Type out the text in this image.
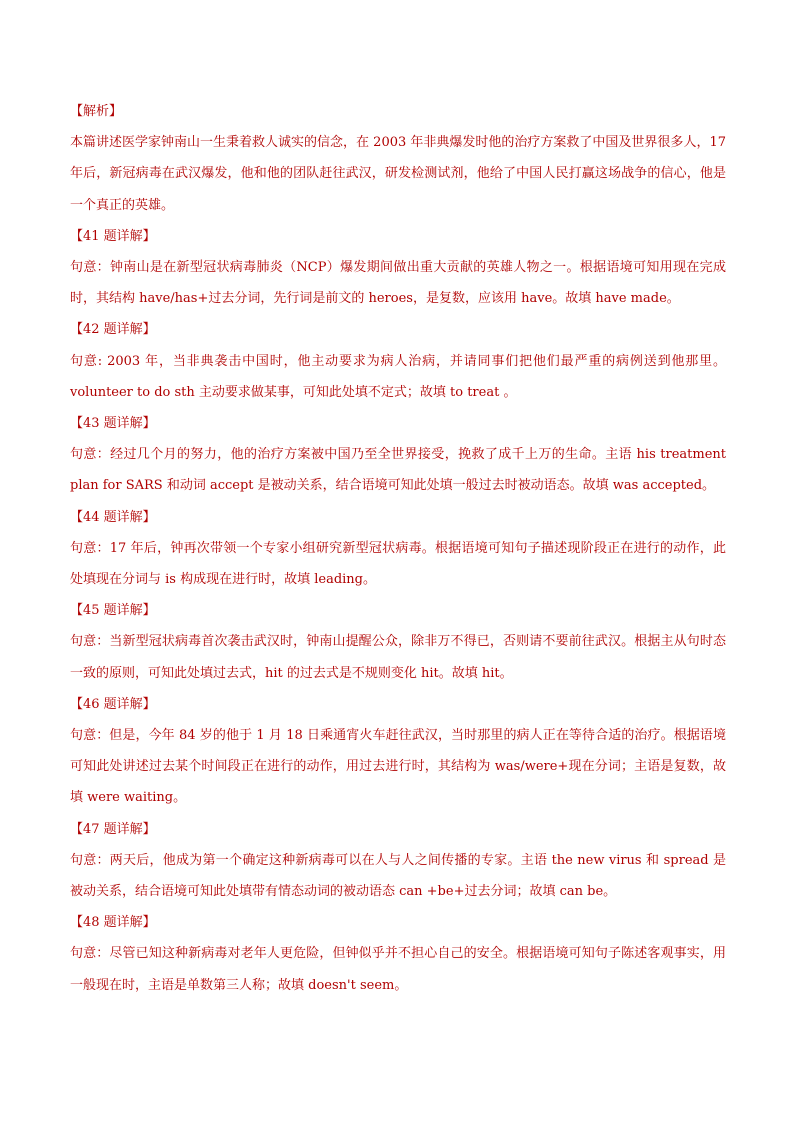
【解析】

本篇讲述医学家钟南山一生秉着救人诚实的信念，在 2003 年非典爆发时他的治疗方案救了中国及世界很多人，17 年后，新冠病毒在武汉爆发，他和他的团队赶往武汉，研发检测试剂，他给了中国人民打赢这场战争的信心，他是一个真正的英雄。

【41 题详解】

句意：钟南山是在新型冠状病毒肺炎（NCP）爆发期间做出重大贡献的英雄人物之一。根据语境可知用现在完成时，其结构 have/has+过去分词，先行词是前文的 heroes，是复数，应该用 have。故填 have made。

【42 题详解】

句意: 2003 年，当非典袭击中国时，他主动要求为病人治病，并请同事们把他们最严重的病例送到他那里。volunteer to do sth 主动要求做某事，可知此处填不定式；故填 to treat 。

【43 题详解】

句意：经过几个月的努力，他的治疗方案被中国乃至全世界接受，挽救了成千上万的生命。主语 his treatment plan for SARS 和动词 accept 是被动关系，结合语境可知此处填一般过去时被动语态。故填 was accepted。

【44 题详解】

句意：17 年后，钟再次带领一个专家小组研究新型冠状病毒。根据语境可知句子描述现阶段正在进行的动作，此处填现在分词与 is 构成现在进行时，故填 leading。

【45 题详解】

句意：当新型冠状病毒首次袭击武汉时，钟南山提醒公众，除非万不得已，否则请不要前往武汉。根据主从句时态一致的原则，可知此处填过去式，hit 的过去式是不规则变化 hit。故填 hit。

【46 题详解】

句意：但是，今年 84 岁的他于 1 月 18 日乘通宵火车赶往武汉，当时那里的病人正在等待合适的治疗。根据语境可知此处讲述过去某个时间段正在进行的动作，用过去进行时，其结构为 was/were+现在分词；主语是复数，故填 were waiting。

【47 题详解】

句意：两天后，他成为第一个确定这种新病毒可以在人与人之间传播的专家。主语 the new virus 和 spread 是被动关系，结合语境可知此处填带有情态动词的被动语态 can +be+过去分词；故填 can be。

【48 题详解】

句意：尽管已知这种新病毒对老年人更危险，但钟似乎并不担心自己的安全。根据语境可知句子陈述客观事实，用一般现在时，主语是单数第三人称；故填 doesn't seem。
